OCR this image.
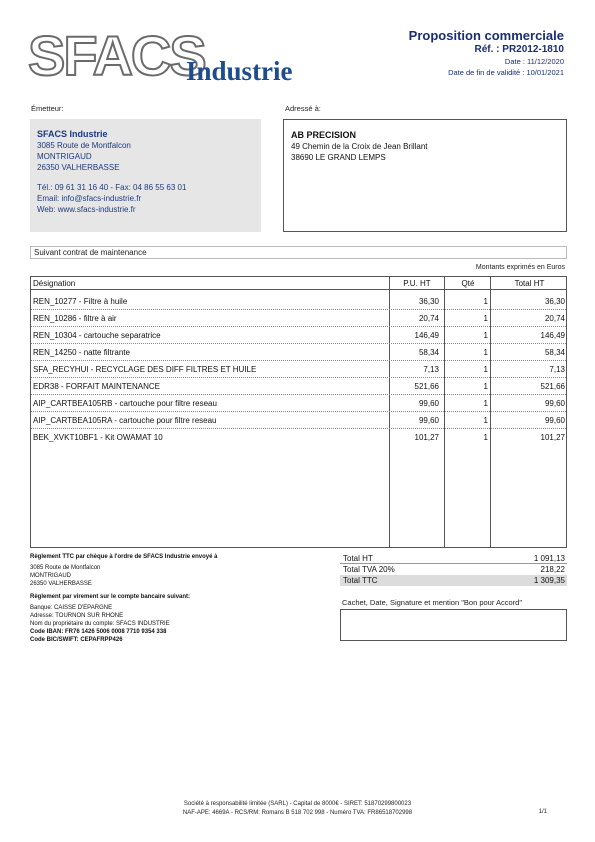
SFACS
Industrie
Proposition commerciale
Réf. : PR2012-1810
Date : 11/12/2020
Date de fin de validité : 10/01/2021
Émetteur:
SFACS Industrie
3085 Route de Montfalcon
MONTRIGAUD
26350 VALHERBASSE
Tél.: 09 61 31 16 40 - Fax: 04 86 55 63 01
Email: info@sfacs-industrie.fr
Web: www.sfacs-industrie.fr
Adressé à:
AB PRECISION
49 Chemin de la Croix de Jean Brillant
38690 LE GRAND LEMPS
Suivant contrat de maintenance
Montants exprimés en Euros
Désignation	P.U. HT	Qté	Total HT
REN_10277 - Filtre à huile	36,30	1	36,30
REN_10286 - filtre à air	20,74	1	20,74
REN_10304 - cartouche separatrice	146,49	1	146,49
REN_14250 - natte filtrante	58,34	1	58,34
SFA_RECYHUI - RECYCLAGE DES DIFF FILTRES ET HUILE	7,13	1	7,13
EDR38 - FORFAIT MAINTENANCE	521,66	1	521,66
AIP_CARTBEA105RB - cartouche pour filtre reseau	99,60	1	99,60
AIP_CARTBEA105RA - cartouche pour filtre reseau	99,60	1	99,60
BEK_XVKT10BF1 - Kit OWAMAT 10	101,27	1	101,27
Règlement TTC par chèque à l'ordre de SFACS Industrie envoyé à
3085 Route de Montfalcon
MONTRIGAUD
26350 VALHERBASSE
Règlement par virement sur le compte bancaire suivant:
Banque: CAISSE D'EPARGNE
Adresse: TOURNON SUR RHONE
Nom du propriétaire du compte: SFACS INDUSTRIE
Code IBAN: FR76 1426 5006 0008 7710 9354 338
Code BIC/SWIFT: CEPAFRPP426
Total HT	1 091,13
Total TVA 20%	218,22
Total TTC	1 309,35
Cachet, Date, Signature et mention "Bon pour Accord"
Société à responsabilité limitée (SARL) - Capital de 8000€ - SIRET: 51870299800023
NAF-APE: 4669A - RCS/RM: Romans B 518 702 998 - Numéro TVA: FR86518702998	1/1
